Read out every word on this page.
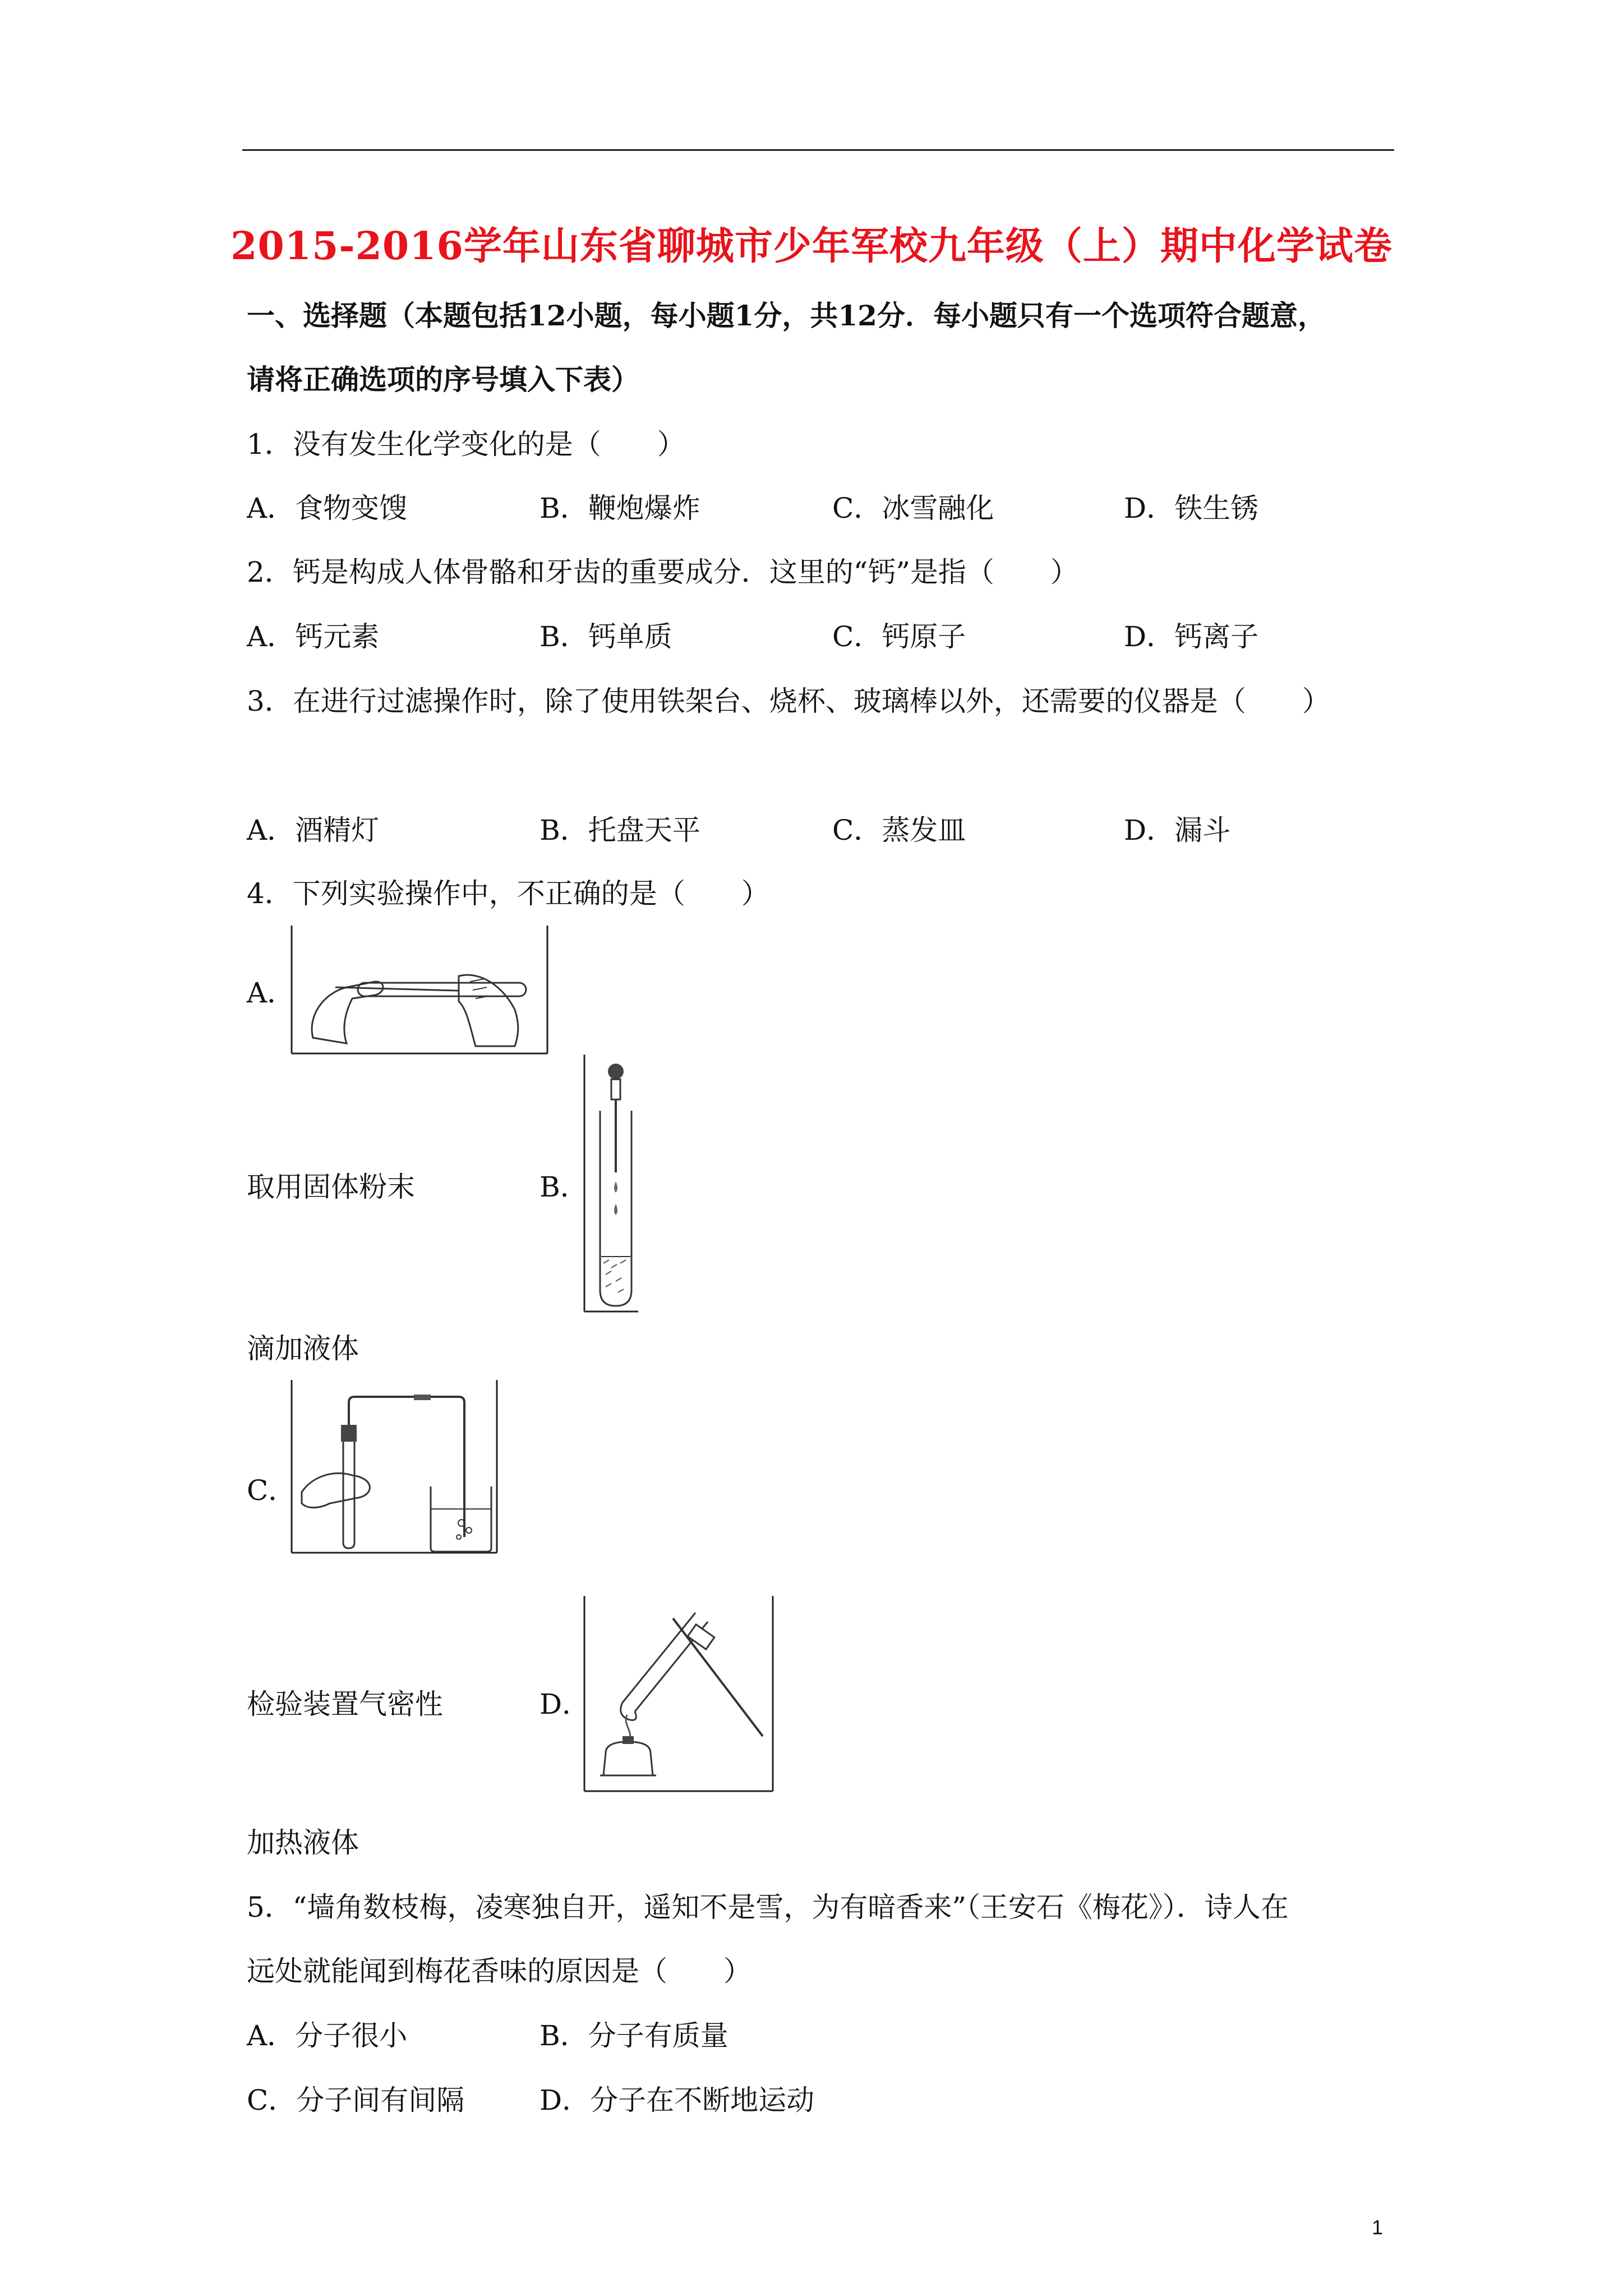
2015-2016学年山东省聊城市少年军校九年级（上）期中化学试卷
一、选择题（本题包括12小题，每小题1分，共12分．每小题只有一个选项符合题意，
请将正确选项的序号填入下表）
1．没有发生化学变化的是（　　）
A．食物变馊	B．鞭炮爆炸	C．冰雪融化	D．铁生锈
2．钙是构成人体骨骼和牙齿的重要成分．这里的“钙”是指（　　）
A．钙元素	B．钙单质	C．钙原子	D．钙离子
3．在进行过滤操作时，除了使用铁架台、烧杯、玻璃棒以外，还需要的仪器是（　　）
A．酒精灯	B．托盘天平	C．蒸发皿	D．漏斗
4．下列实验操作中，不正确的是（　　）
A．
取用固体粉末	B．
滴加液体
C．
检验装置气密性	D．
加热液体
5．“墙角数枝梅，凌寒独自开，遥知不是雪，为有暗香来”（王安石《梅花》）．诗人在
远处就能闻到梅花香味的原因是（　　）
A．分子很小	B．分子有质量
C．分子间有间隔	D．分子在不断地运动
1
